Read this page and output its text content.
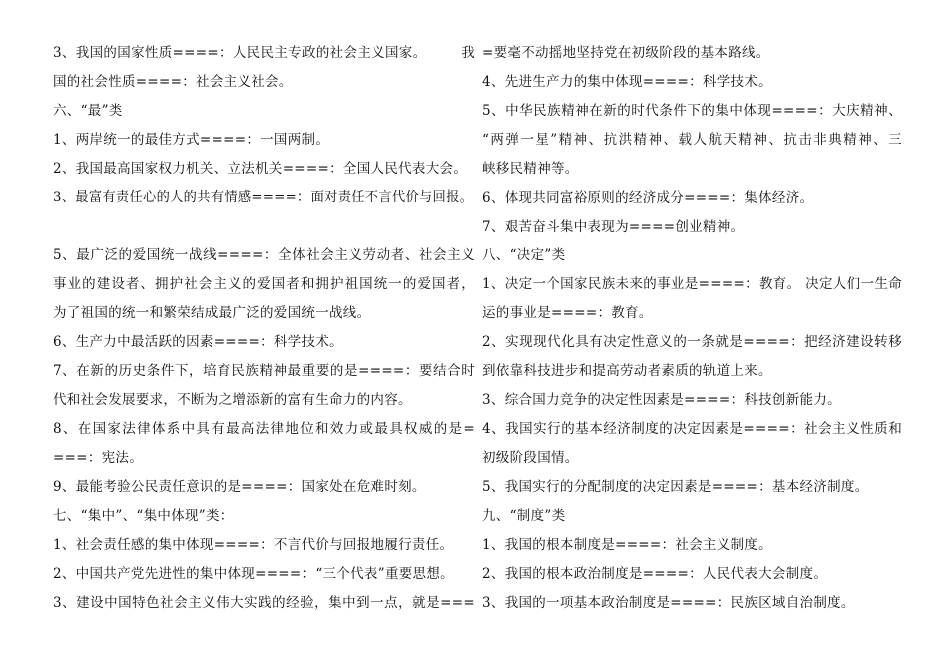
3、我国的国家性质====：人民民主专政的社会主义国家。　　　我
国的社会性质====：社会主义社会。
六、“最”类
1、两岸统一的最佳方式====：一国两制。
2、我国最高国家权力机关、立法机关====：全国人民代表大会。
3、最富有责任心的人的共有情感====：面对责任不言代价与回报。
5、最广泛的爱国统一战线====：全体社会主义劳动者、社会主义
事业的建设者、拥护社会主义的爱国者和拥护祖国统一的爱国者，
为了祖国的统一和繁荣结成最广泛的爱国统一战线。
6、生产力中最活跃的因素====：科学技术。
7、在新的历史条件下，培育民族精神最重要的是====：要结合时
代和社会发展要求，不断为之增添新的富有生命力的内容。
8、在国家法律体系中具有最高法律地位和效力或最具权威的是=
===：宪法。
9、最能考验公民责任意识的是====：国家处在危难时刻。
七、“集中”、“集中体现”类：
1、社会责任感的集中体现====：不言代价与回报地履行责任。
2、中国共产党先进性的集中体现====：“三个代表”重要思想。
3、建设中国特色社会主义伟大实践的经验，集中到一点，就是===
=要毫不动摇地坚持党在初级阶段的基本路线。
4、先进生产力的集中体现====：科学技术。
5、中华民族精神在新的时代条件下的集中体现====：大庆精神、
“两弹一星”精神、抗洪精神、载人航天精神、抗击非典精神、三
峡移民精神等。
6、体现共同富裕原则的经济成分====：集体经济。
7、艰苦奋斗集中表现为====创业精神。
八、“决定”类
1、决定一个国家民族未来的事业是====：教育。 决定人们一生命
运的事业是====：教育。
2、实现现代化具有决定性意义的一条就是====：把经济建设转移
到依靠科技进步和提高劳动者素质的轨道上来。
3、综合国力竞争的决定性因素是====：科技创新能力。
4、我国实行的基本经济制度的决定因素是====：社会主义性质和
初级阶段国情。
5、我国实行的分配制度的决定因素是====：基本经济制度。
九、“制度”类
1、我国的根本制度是====：社会主义制度。
2、我国的根本政治制度是====：人民代表大会制度。
3、我国的一项基本政治制度是====：民族区域自治制度。
